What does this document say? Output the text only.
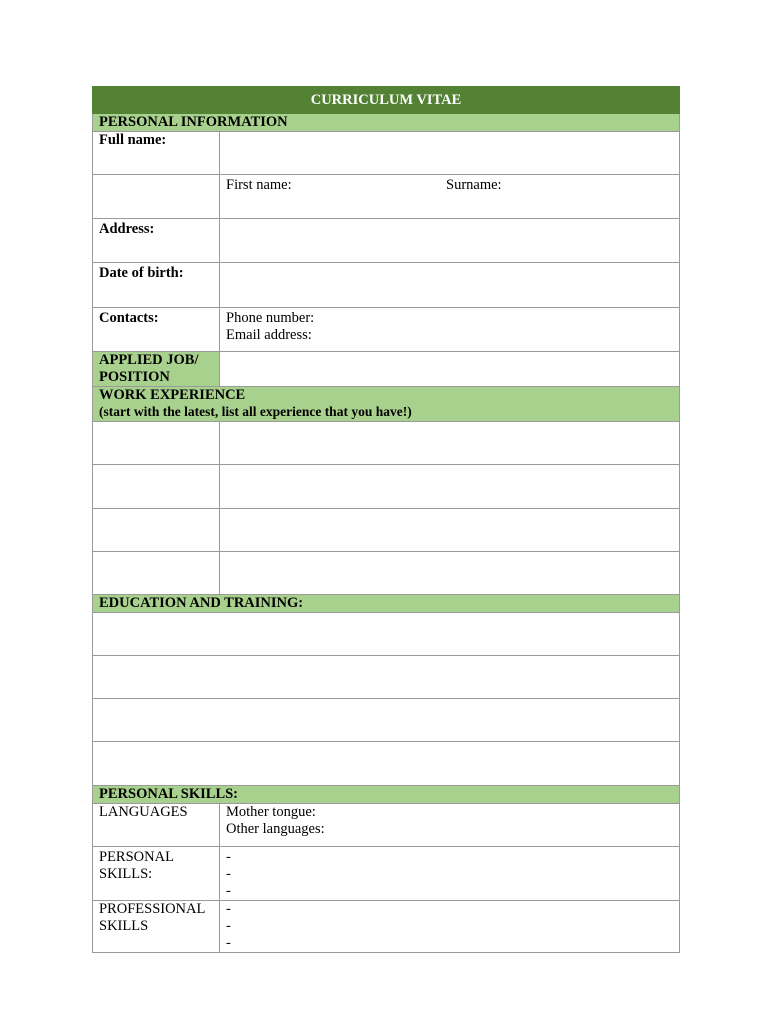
CURRICULUM VITAE	
PERSONAL INFORMATION	
Full name:	

	First name: Surname:

Address:	
Date of birth:	
Contacts:	Phone number:
Email address:

APPLIED JOB/
POSITION	

WORK EXPERIENCE
(start with the latest, list all experience that you have!)	

EDUCATION AND TRAINING:	

PERSONAL SKILLS:	
LANGUAGES	Mother tongue:
Other languages:

PERSONAL
SKILLS:	-
-
-

PROFESSIONAL
SKILLS	-
-
-
